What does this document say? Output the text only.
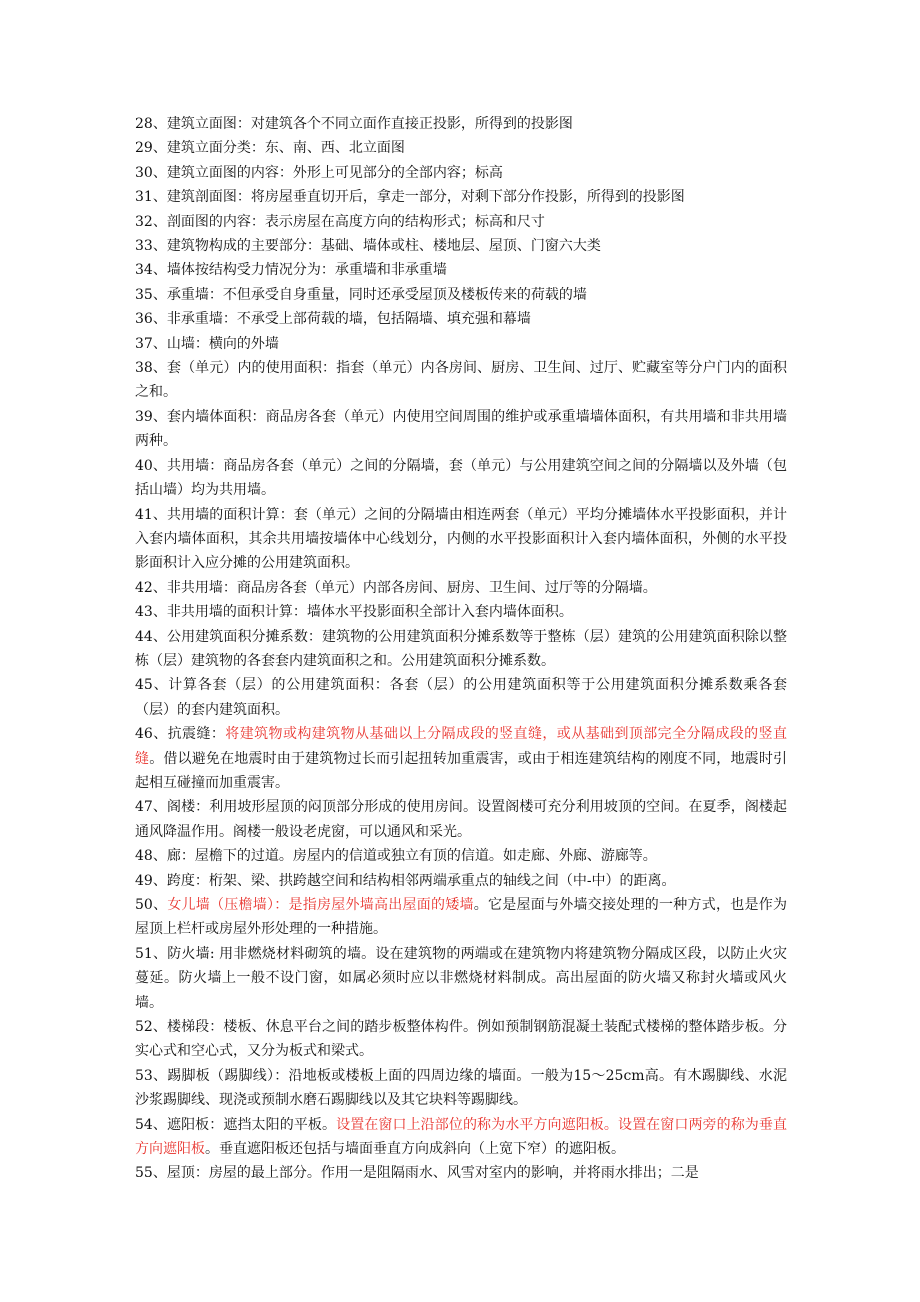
28、建筑立面图：对建筑各个不同立面作直接正投影，所得到的投影图

29、建筑立面分类：东、南、西、北立面图

30、建筑立面图的内容：外形上可见部分的全部内容；标高

31、建筑剖面图：将房屋垂直切开后，拿走一部分，对剩下部分作投影，所得到的投影图

32、剖面图的内容：表示房屋在高度方向的结构形式；标高和尺寸

33、建筑物构成的主要部分：基础、墙体或柱、楼地层、屋顶、门窗六大类

34、墙体按结构受力情况分为：承重墙和非承重墙

35、承重墙：不但承受自身重量，同时还承受屋顶及楼板传来的荷载的墙

36、非承重墙：不承受上部荷载的墙，包括隔墙、填充强和幕墙

37、山墙：横向的外墙

38、套（单元）内的使用面积：指套（单元）内各房间、厨房、卫生间、过厅、贮藏室等分户门内的面积之和。

39、套内墙体面积：商品房各套（单元）内使用空间周围的维护或承重墙墙体面积，有共用墙和非共用墙两种。

40、共用墙：商品房各套（单元）之间的分隔墙，套（单元）与公用建筑空间之间的分隔墙以及外墙（包括山墙）均为共用墙。

41、共用墙的面积计算：套（单元）之间的分隔墙由相连两套（单元）平均分摊墙体水平投影面积，并计入套内墙体面积，其余共用墙按墙体中心线划分，内侧的水平投影面积计入套内墙体面积，外侧的水平投影面积计入应分摊的公用建筑面积。

42、非共用墙：商品房各套（单元）内部各房间、厨房、卫生间、过厅等的分隔墙。

43、非共用墙的面积计算：墙体水平投影面积全部计入套内墙体面积。

44、公用建筑面积分摊系数：建筑物的公用建筑面积分摊系数等于整栋（层）建筑的公用建筑面积除以整栋（层）建筑物的各套套内建筑面积之和。公用建筑面积分摊系数。

45、计算各套（层）的公用建筑面积：各套（层）的公用建筑面积等于公用建筑面积分摊系数乘各套（层）的套内建筑面积。

46、抗震缝：将建筑物或构建筑物从基础以上分隔成段的竖直缝，或从基础到顶部完全分隔成段的竖直缝。借以避免在地震时由于建筑物过长而引起扭转加重震害，或由于相连建筑结构的刚度不同，地震时引起相互碰撞而加重震害。

47、阁楼：利用坡形屋顶的闷顶部分形成的使用房间。设置阁楼可充分利用坡顶的空间。在夏季，阁楼起通风降温作用。阁楼一般设老虎窗，可以通风和采光。

48、廊：屋檐下的过道。房屋内的信道或独立有顶的信道。如走廊、外廊、游廊等。

49、跨度：桁架、梁、拱跨越空间和结构相邻两端承重点的轴线之间（中-中）的距离。

50、女儿墙（压檐墙）：是指房屋外墙高出屋面的矮墙。它是屋面与外墙交接处理的一种方式，也是作为屋顶上栏杆或房屋外形处理的一种措施。

51、防火墙: 用非燃烧材料砌筑的墙。设在建筑物的两端或在建筑物内将建筑物分隔成区段，以防止火灾蔓延。防火墙上一般不设门窗，如属必须时应以非燃烧材料制成。高出屋面的防火墙又称封火墙或风火墙。

52、楼梯段：楼板、休息平台之间的踏步板整体构件。例如预制钢筋混凝土装配式楼梯的整体踏步板。分实心式和空心式，又分为板式和梁式。

53、踢脚板（踢脚线）：沿地板或楼板上面的四周边缘的墙面。一般为15～25cm高。有木踢脚线、水泥沙浆踢脚线、现浇或预制水磨石踢脚线以及其它块料等踢脚线。

54、遮阳板：遮挡太阳的平板。设置在窗口上沿部位的称为水平方向遮阳板。设置在窗口两旁的称为垂直方向遮阳板。垂直遮阳板还包括与墙面垂直方向成斜向（上宽下窄）的遮阳板。

55、屋顶：房屋的最上部分。作用一是阻隔雨水、风雪对室内的影响，并将雨水排出；二是
